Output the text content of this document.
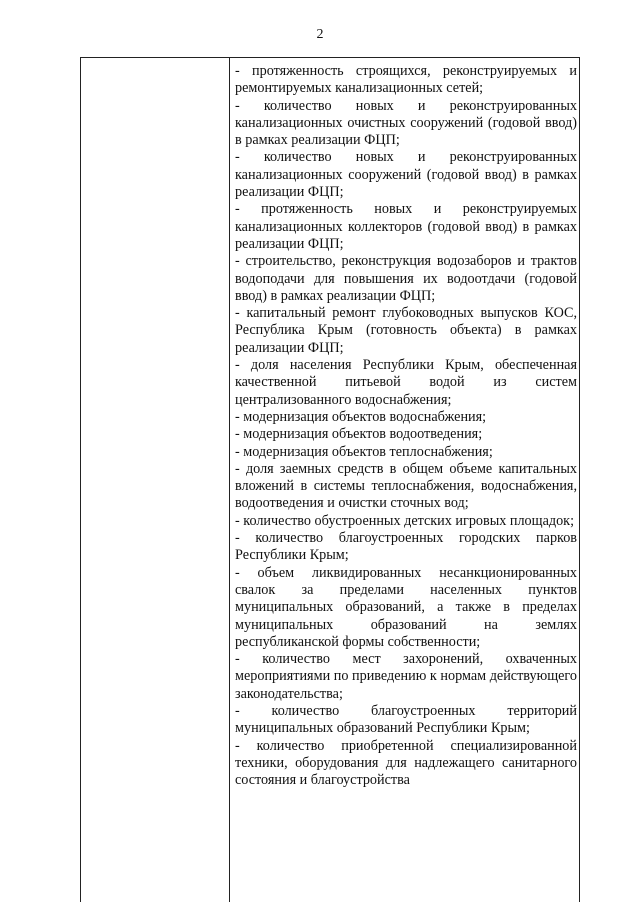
2

- протяженность строящихся, реконструируемых и ремонтируемых канализационных сетей;

- количество новых и реконструированных канализационных очистных сооружений (годовой ввод) в рамках реализации ФЦП;

- количество новых и реконструированных канализационных сооружений (годовой ввод) в рамках реализации ФЦП;

- протяженность новых и реконструируемых канализационных коллекторов (годовой ввод) в рамках реализации ФЦП;

- строительство, реконструкция водозаборов и трактов водоподачи для повышения их водоотдачи (годовой ввод) в рамках реализации ФЦП;

- капитальный ремонт глубоководных выпусков КОС, Республика Крым (готовность объекта) в рамках реализации ФЦП;

- доля населения Республики Крым, обеспеченная качественной питьевой водой из систем централизованного водоснабжения;

- модернизация объектов водоснабжения;

- модернизация объектов водоотведения;

- модернизация объектов теплоснабжения;

- доля заемных средств в общем объеме капитальных вложений в системы теплоснабжения, водоснабжения, водоотведения и очистки сточных вод;

- количество обустроенных детских игровых площадок;

- количество благоустроенных городских парков Республики Крым;

- объем ликвидированных несанкционированных свалок за пределами населенных пунктов муниципальных образований, а также в пределах муниципальных образований на землях республиканской формы собственности;

- количество мест захоронений, охваченных мероприятиями по приведению к нормам действующего законодательства;

- количество благоустроенных территорий муниципальных образований Республики Крым;

- количество приобретенной специализированной техники, оборудования для надлежащего санитарного состояния и благоустройства
